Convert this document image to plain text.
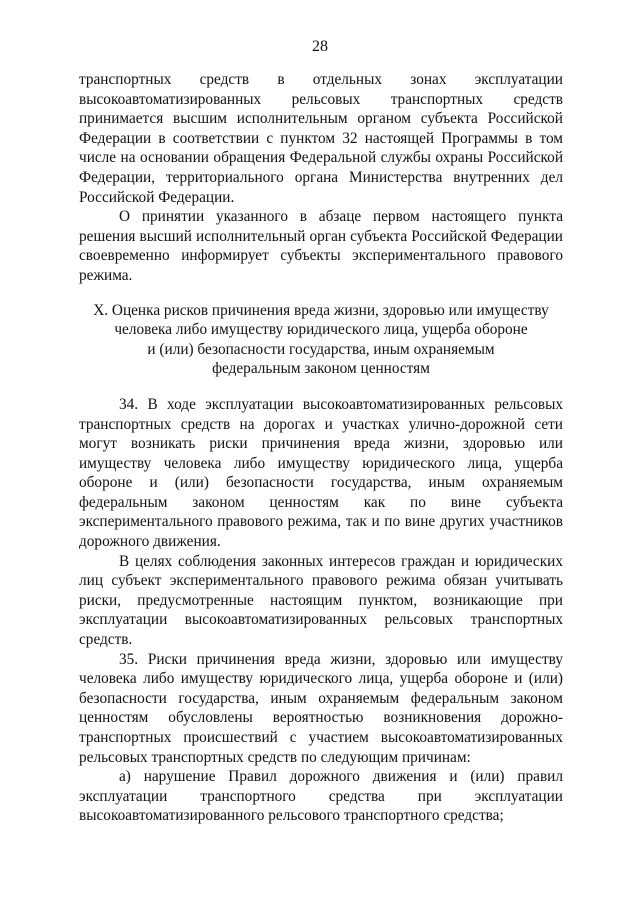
28

транспортных средств в отдельных зонах эксплуатации высокоавтоматизированных рельсовых транспортных средств принимается высшим исполнительным органом субъекта Российской Федерации в соответствии с пунктом 32 настоящей Программы в том числе на основании обращения Федеральной службы охраны Российской Федерации, территориального органа Министерства внутренних дел Российской Федерации.

О принятии указанного в абзаце первом настоящего пункта решения высший исполнительный орган субъекта Российской Федерации своевременно информирует субъекты экспериментального правового режима.

X. Оценка рисков причинения вреда жизни, здоровью или имуществу
человека либо имуществу юридического лица, ущерба обороне
и (или) безопасности государства, иным охраняемым
федеральным законом ценностям

34. В ходе эксплуатации высокоавтоматизированных рельсовых транспортных средств на дорогах и участках улично-дорожной сети могут возникать риски причинения вреда жизни, здоровью или имуществу человека либо имуществу юридического лица, ущерба обороне и (или) безопасности государства, иным охраняемым федеральным законом ценностям как по вине субъекта экспериментального правового режима, так и по вине других участников дорожного движения.

В целях соблюдения законных интересов граждан и юридических лиц субъект экспериментального правового режима обязан учитывать риски, предусмотренные настоящим пунктом, возникающие при эксплуатации высокоавтоматизированных рельсовых транспортных средств.

35. Риски причинения вреда жизни, здоровью или имуществу человека либо имуществу юридического лица, ущерба обороне и (или) безопасности государства, иным охраняемым федеральным законом ценностям обусловлены вероятностью возникновения дорожно-транспортных происшествий с участием высокоавтоматизированных рельсовых транспортных средств по следующим причинам:

а) нарушение Правил дорожного движения и (или) правил эксплуатации транспортного средства при эксплуатации высокоавтоматизированного рельсового транспортного средства;
